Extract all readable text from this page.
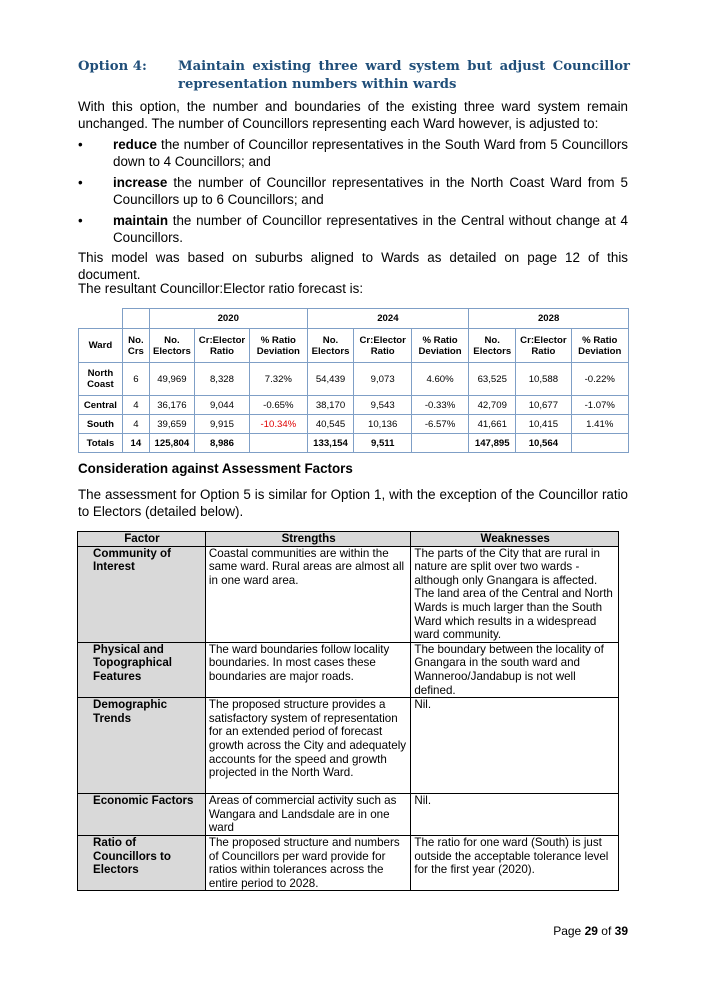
Option 4: Maintain existing three ward system but adjust Councillor representation numbers within wards
With this option, the number and boundaries of the existing three ward system remain unchanged. The number of Councillors representing each Ward however, is adjusted to:
• reduce the number of Councillor representatives in the South Ward from 5 Councillors down to 4 Councillors; and
• increase the number of Councillor representatives in the North Coast Ward from 5 Councillors up to 6 Councillors; and
• maintain the number of Councillor representatives in the Central without change at 4 Councillors.
This model was based on suburbs aligned to Wards as detailed on page 12 of this document.
The resultant Councillor:Elector ratio forecast is:
		2020			2024			2028		
Ward	No. Crs	No. Electors	Cr:Elector Ratio	% Ratio Deviation	No. Electors	Cr:Elector Ratio	% Ratio Deviation	No. Electors	Cr:Elector Ratio	% Ratio Deviation
North Coast	6	49,969	8,328	7.32%	54,439	9,073	4.60%	63,525	10,588	-0.22%
Central	4	36,176	9,044	-0.65%	38,170	9,543	-0.33%	42,709	10,677	-1.07%
South	4	39,659	9,915	-10.34%	40,545	10,136	-6.57%	41,661	10,415	1.41%
Totals	14	125,804	8,986		133,154	9,511		147,895	10,564	
Consideration against Assessment Factors
The assessment for Option 5 is similar for Option 1, with the exception of the Councillor ratio to Electors (detailed below).
Factor	Strengths	Weaknesses
Community of Interest	Coastal communities are within the same ward. Rural areas are almost all in one ward area.	The parts of the City that are rural in nature are split over two wards - although only Gnangara is affected. The land area of the Central and North Wards is much larger than the South Ward which results in a widespread ward community.
Physical and Topographical Features	The ward boundaries follow locality boundaries. In most cases these boundaries are major roads.	The boundary between the locality of Gnangara in the south ward and Wanneroo/Jandabup is not well defined.
Demographic Trends	The proposed structure provides a satisfactory system of representation for an extended period of forecast growth across the City and adequately accounts for the speed and growth projected in the North Ward.	Nil.
Economic Factors	Areas of commercial activity such as Wangara and Landsdale are in one ward	Nil.
Ratio of Councillors to Electors	The proposed structure and numbers of Councillors per ward provide for ratios within tolerances across the entire period to 2028.	The ratio for one ward (South) is just outside the acceptable tolerance level for the first year (2020).
Page 29 of 39
